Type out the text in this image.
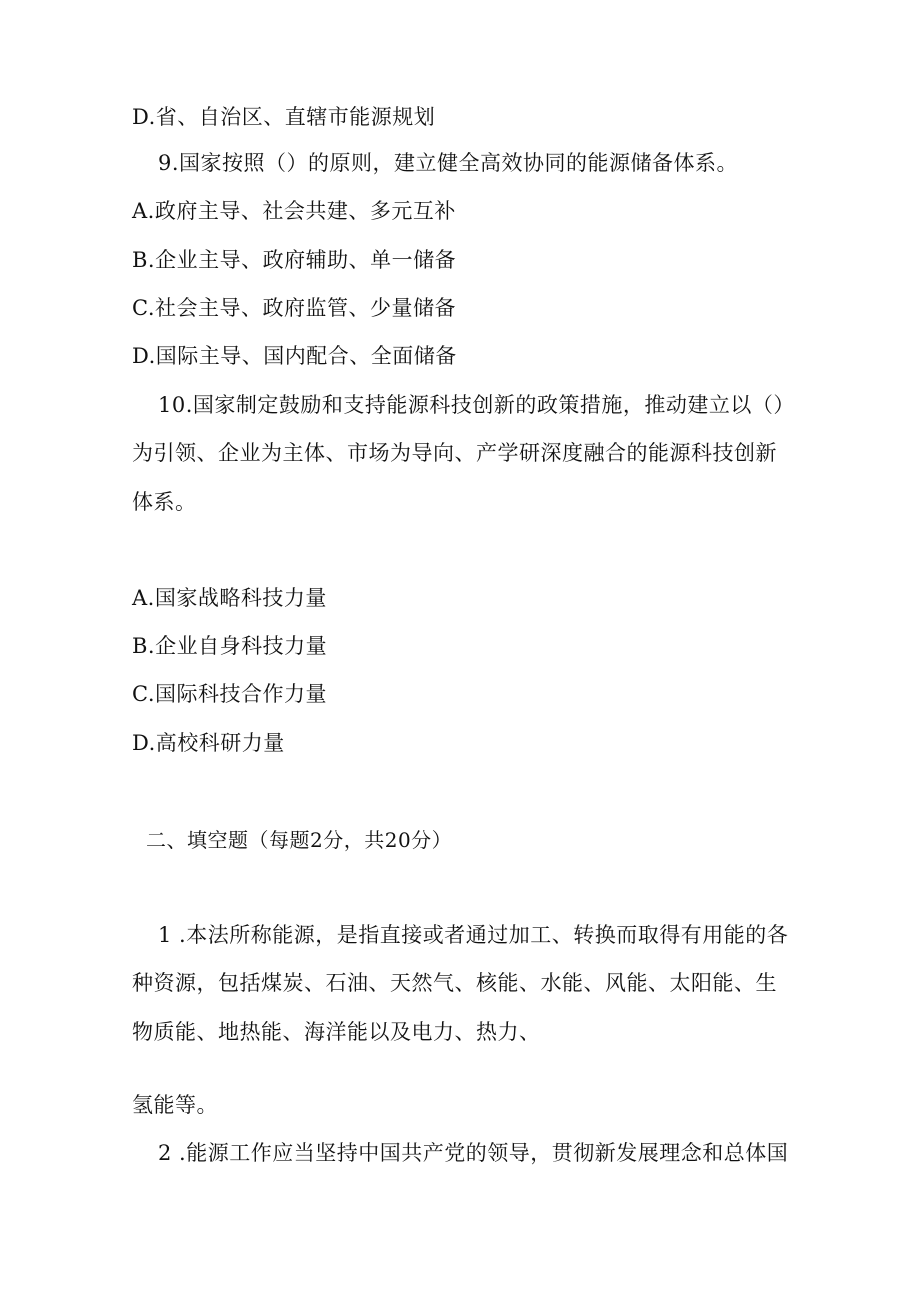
D.省、自治区、直辖市能源规划

9.国家按照（）的原则，建立健全高效协同的能源储备体系。

A.政府主导、社会共建、多元互补

B.企业主导、政府辅助、单一储备

C.社会主导、政府监管、少量储备

D.国际主导、国内配合、全面储备

10.国家制定鼓励和支持能源科技创新的政策措施，推动建立以（）

为引领、企业为主体、市场为导向、产学研深度融合的能源科技创新

体系。

A.国家战略科技力量

B.企业自身科技力量

C.国际科技合作力量

D.高校科研力量

二、填空题（每题2分，共20分）

1 .本法所称能源，是指直接或者通过加工、转换而取得有用能的各

种资源，包括煤炭、石油、天然气、核能、水能、风能、太阳能、生

物质能、地热能、海洋能以及电力、热力、

氢能等。

2 .能源工作应当坚持中国共产党的领导，贯彻新发展理念和总体国
